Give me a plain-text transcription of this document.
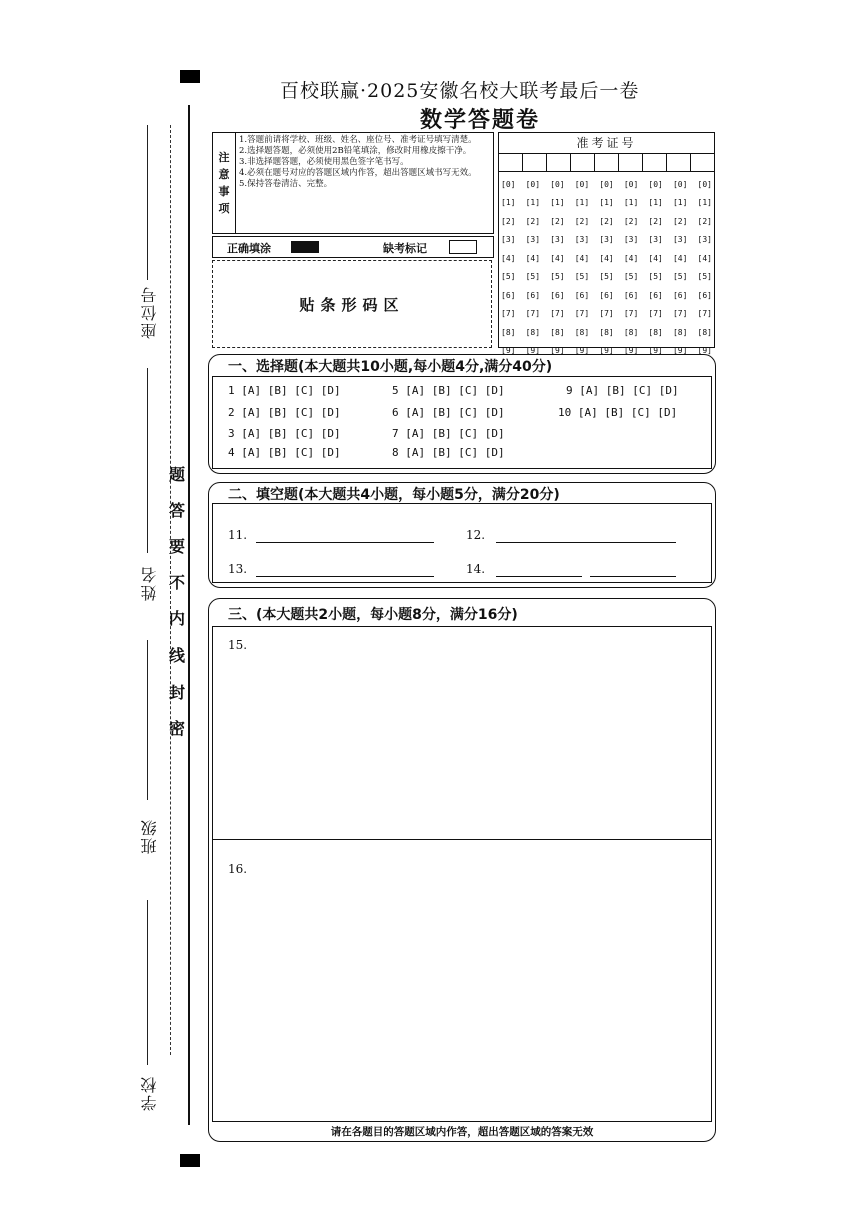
座位号
姓名
班级
学校
密
封
线
内
不
要
答
题
百校联赢·2025安徽名校大联考最后一卷
数学答题卷
注
意
事
项
1.答题前请将学校、班级、姓名、座位号、准考证号填写清楚。
2.选择题答题，必须使用2B铅笔填涂，修改时用橡皮擦干净。
3.非选择题答题，必须使用黑色签字笔书写。
4.必须在题号对应的答题区域内作答，超出答题区域书写无效。
5.保持答卷清洁、完整。
正确填涂	缺考标记
贴条形码区
准考证号
[0] [0] [0] [0] [0] [0] [0] [0] [0]
[1] [1] [1] [1] [1] [1] [1] [1] [1]
[2] [2] [2] [2] [2] [2] [2] [2] [2]
[3] [3] [3] [3] [3] [3] [3] [3] [3]
[4] [4] [4] [4] [4] [4] [4] [4] [4]
[5] [5] [5] [5] [5] [5] [5] [5] [5]
[6] [6] [6] [6] [6] [6] [6] [6] [6]
[7] [7] [7] [7] [7] [7] [7] [7] [7]
[8] [8] [8] [8] [8] [8] [8] [8] [8]
[9] [9] [9] [9] [9] [9] [9] [9] [9]
一、选择题(本大题共10小题,每小题4分,满分40分)
1 [A] [B] [C] [D]
2 [A] [B] [C] [D]
3 [A] [B] [C] [D]
4 [A] [B] [C] [D]
5 [A] [B] [C] [D]
6 [A] [B] [C] [D]
7 [A] [B] [C] [D]
8 [A] [B] [C] [D]
9 [A] [B] [C] [D]
10 [A] [B] [C] [D]
二、填空题(本大题共4小题，每小题5分，满分20分)
11.	12.
13.	14.
三、(本大题共2小题，每小题8分，满分16分)
15.
16.
请在各题目的答题区域内作答，超出答题区域的答案无效
